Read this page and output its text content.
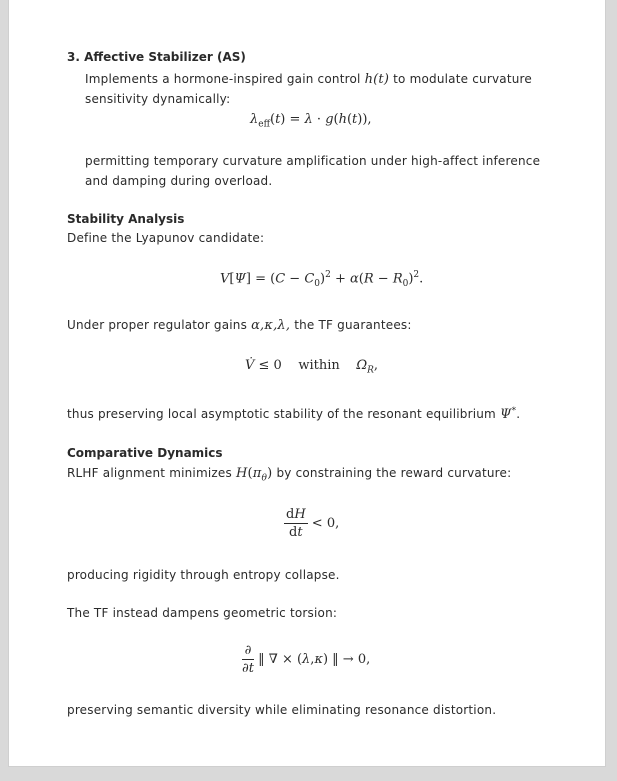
3. Affective Stabilizer (AS)
Implements a hormone-inspired gain control h(t) to modulate curvature
sensitivity dynamically:
$\lambda_{eff}(t) = \lambda \cdot g(h(t))$,
permitting temporary curvature amplification under high-affect inference
and damping during overload.
Stability Analysis
Define the Lyapunov candidate:
$V[\Psi] = (C - C_0)^2 + \alpha(R - R_0)^2$.
Under proper regulator gains α,κ,λ, the TF guarantees:
V̇ ≤ 0    within $\Omega_R$,
thus preserving local asymptotic stability of the resonant equilibrium Ψ*.
Comparative Dynamics
RLHF alignment minimizes $H(\pi_\theta)$ by constraining the reward curvature:
$\frac{dH}{dt} < 0$,
producing rigidity through entropy collapse.
The TF instead dampens geometric torsion:
$\frac{\partial}{\partial t}$ ‖ ∇ × (λ,κ) ‖ → 0,
preserving semantic diversity while eliminating resonance distortion.
